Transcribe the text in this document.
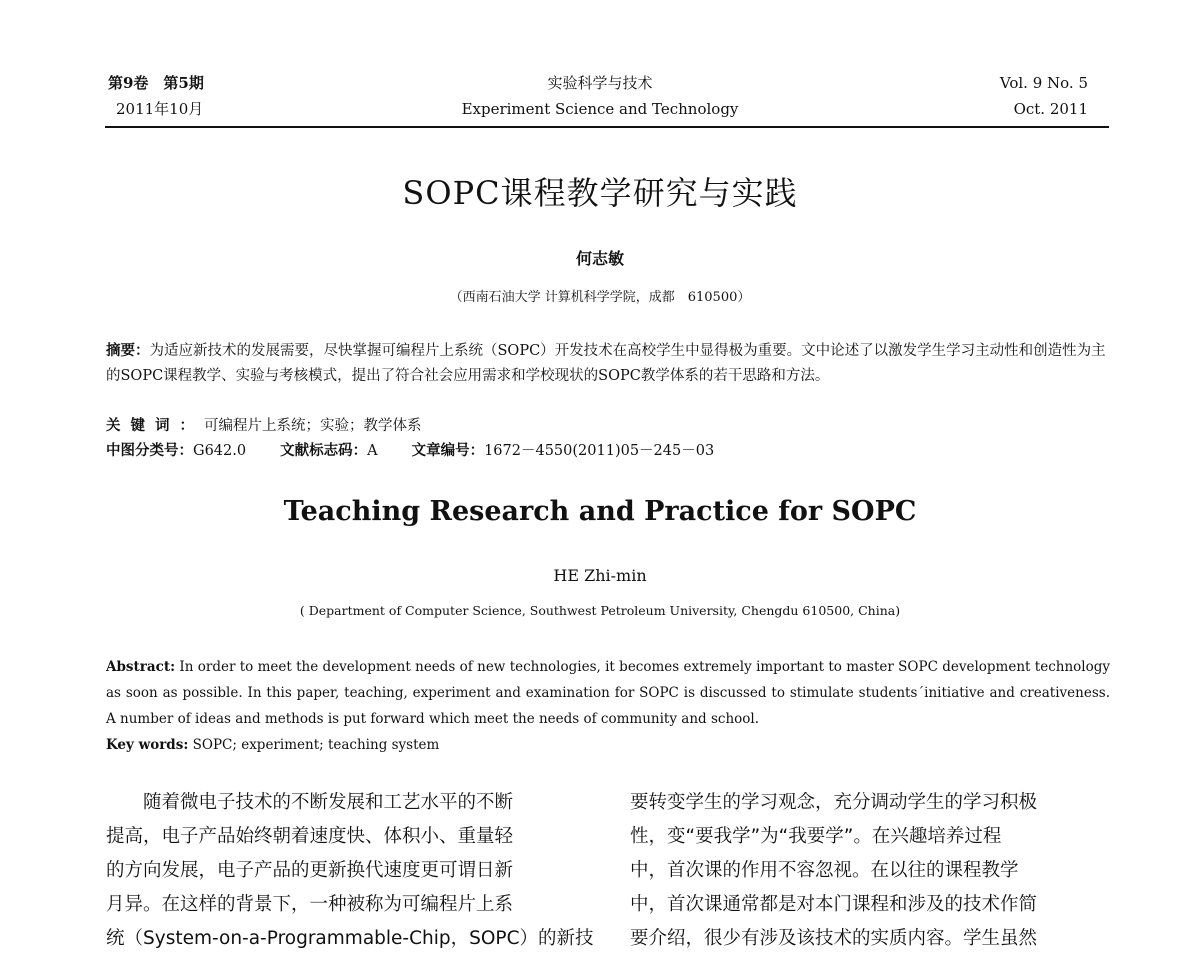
第9卷　第5期
2011年10月
实验科学与技术
Experiment Science and Technology
Vol. 9 No. 5
Oct. 2011
SOPC课程教学研究与实践
何志敏
（西南石油大学 计算机科学学院，成都　610500）
摘要：为适应新技术的发展需要，尽快掌握可编程片上系统（SOPC）开发技术在高校学生中显得极为重要。文中论述了以激发学生学习主动性和创造性为主的SOPC课程教学、实验与考核模式，提出了符合社会应用需求和学校现状的SOPC教学体系的若干思路和方法。
关键词：可编程片上系统；实验；教学体系
中图分类号：G642.0 文献标志码：A 文章编号：1672－4550(2011)05－245－03
Teaching Research and Practice for SOPC
HE Zhi-min
( Department of Computer Science, Southwest Petroleum University, Chengdu 610500, China)
Abstract: In order to meet the development needs of new technologies, it becomes extremely important to master SOPC development technology as soon as possible. In this paper, teaching, experiment and examination for SOPC is discussed to stimulate students´initiative and creativeness. A number of ideas and methods is put forward which meet the needs of community and school.
Key words: SOPC; experiment; teaching system
随着微电子技术的不断发展和工艺水平的不断
提高，电子产品始终朝着速度快、体积小、重量轻
的方向发展，电子产品的更新换代速度更可谓日新
月异。在这样的背景下，一种被称为可编程片上系
统（System-on-a-Programmable-Chip，SOPC）的新技
要转变学生的学习观念，充分调动学生的学习积极
性，变“要我学”为“我要学”。在兴趣培养过程
中，首次课的作用不容忽视。在以往的课程教学
中，首次课通常都是对本门课程和涉及的技术作简
要介绍，很少有涉及该技术的实质内容。学生虽然
